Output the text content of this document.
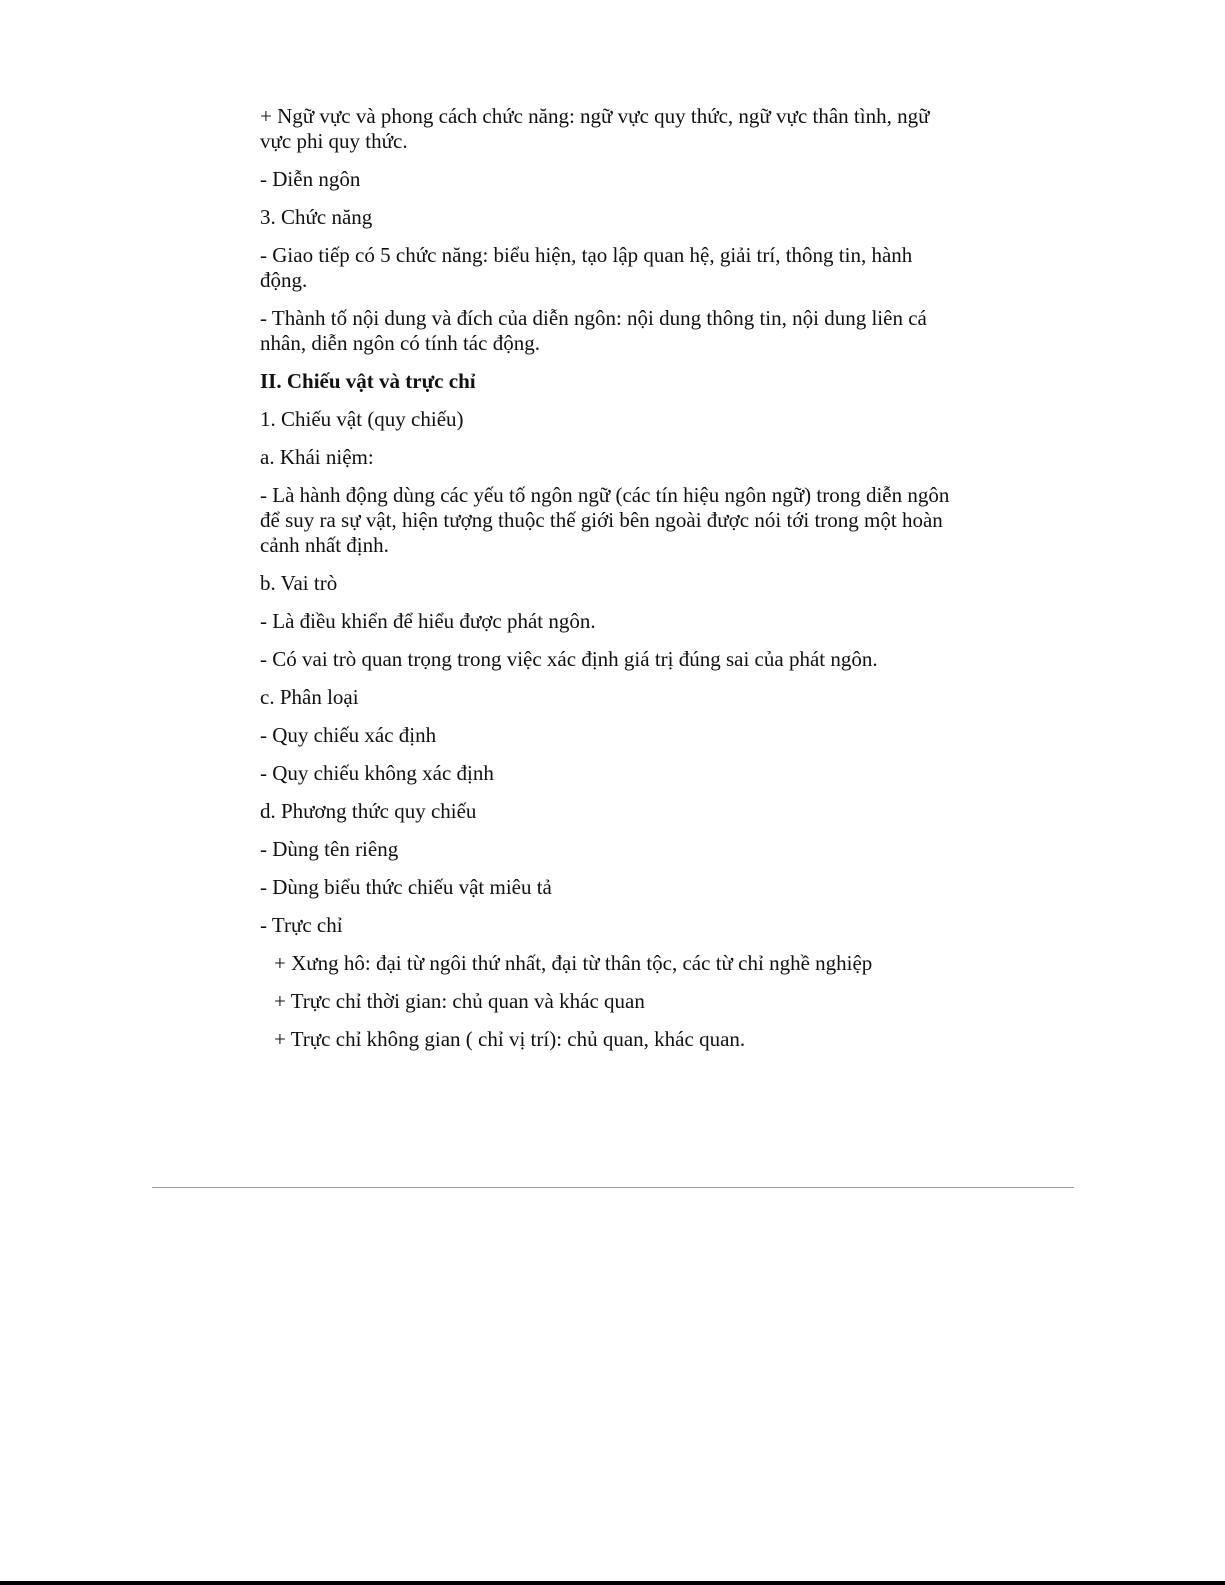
+ Ngữ vực và phong cách chức năng: ngữ vực quy thức, ngữ vực thân tình, ngữ vực phi quy thức.

- Diễn ngôn

3. Chức năng

- Giao tiếp có 5 chức năng: biểu hiện, tạo lập quan hệ, giải trí, thông tin, hành động.

- Thành tố nội dung và đích của diễn ngôn: nội dung thông tin, nội dung liên cá nhân, diễn ngôn có tính tác động.

II. Chiếu vật và trực chỉ

1. Chiếu vật (quy chiếu)

a. Khái niệm:

- Là hành động dùng các yếu tố ngôn ngữ (các tín hiệu ngôn ngữ) trong diễn ngôn để suy ra sự vật, hiện tượng thuộc thế giới bên ngoài được nói tới trong một hoàn cảnh nhất định.

b. Vai trò

- Là điều khiển để hiểu được phát ngôn.

- Có vai trò quan trọng trong việc xác định giá trị đúng sai của phát ngôn.

c. Phân loại

- Quy chiếu xác định

- Quy chiếu không xác định

d. Phương thức quy chiếu

- Dùng tên riêng

- Dùng biểu thức chiếu vật miêu tả

- Trực chỉ

+ Xưng hô: đại từ ngôi thứ nhất, đại từ thân tộc, các từ chỉ nghề nghiệp

+ Trực chỉ thời gian: chủ quan và khác quan

+ Trực chỉ không gian ( chỉ vị trí): chủ quan, khác quan.
